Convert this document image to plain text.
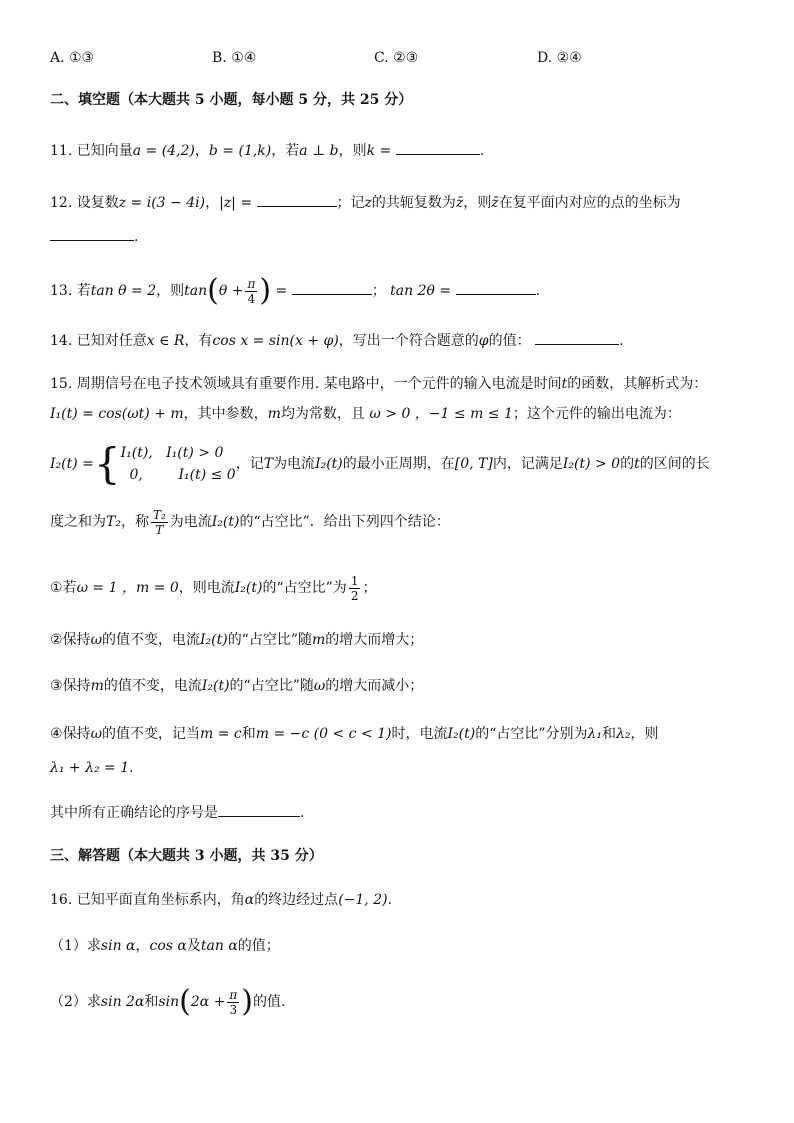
A. ①③	B. ①④	C. ②③	D. ②④
二、填空题（本大题共 5 小题，每小题 5 分，共 25 分）
11. 已知向量a = (4,2)，b = (1,k)，若a ⊥ b，则k =	.
12. 设复数z = i(3 − 4i)，|z| =	；记z的共轭复数为z̄，则z̄在复平面内对应的点的坐标为
.
13. 若tan θ = 2，则$\tan(\theta + \frac{\pi}{4}$ ) =	； tan 2θ =	.
14. 已知对任意x ∈ R，有cos x = sin(x + φ)，写出一个符合题意的φ的值：	.
15. 周期信号在电子技术领域具有重要作用. 某电路中，一个元件的输入电流是时间t的函数，其解析式为：
I₁(t) = cos(ωt) + m，其中参数，m均为常数，且 ω > 0 ，−1 ≤ m ≤ 1；这个元件的输出电流为：
I₂(t) ={ I₁(t), I₁(t) > 0
0,	I₁(t) ≤ 0
，记T为电流I₂(t)的最小正周期，在[0, T]内，记满足I₂(t) > 0的t的区间的长
度之和为T₂，称 $\frac{\text{T₂}}{T}$ 为电流I₂(t)的“占空比”．给出下列四个结论：
①若ω = 1 ，m = 0，则电流I₂(t)的“占空比”为 $\frac{1}{2}$ ；
②保持ω的值不变，电流I₂(t)的“占空比”随m的增大而增大；
③保持m的值不变，电流I₂(t)的“占空比”随ω的增大而减小；
④保持ω的值不变，记当m = c和m = −c (0 < c < 1)时，电流I₂(t)的“占空比”分别为λ₁和λ₂，则
λ₁ + λ₂ = 1.
其中所有正确结论的序号是	.
三、解答题（本大题共 3 小题，共 35 分）
16. 已知平面直角坐标系内，角α的终边经过点(−1, 2).
（1）求sin α，cos α及tan α的值；
（2）求sin 2α和$\sin(2\alpha + \frac{\pi}{3}$ )的值.
